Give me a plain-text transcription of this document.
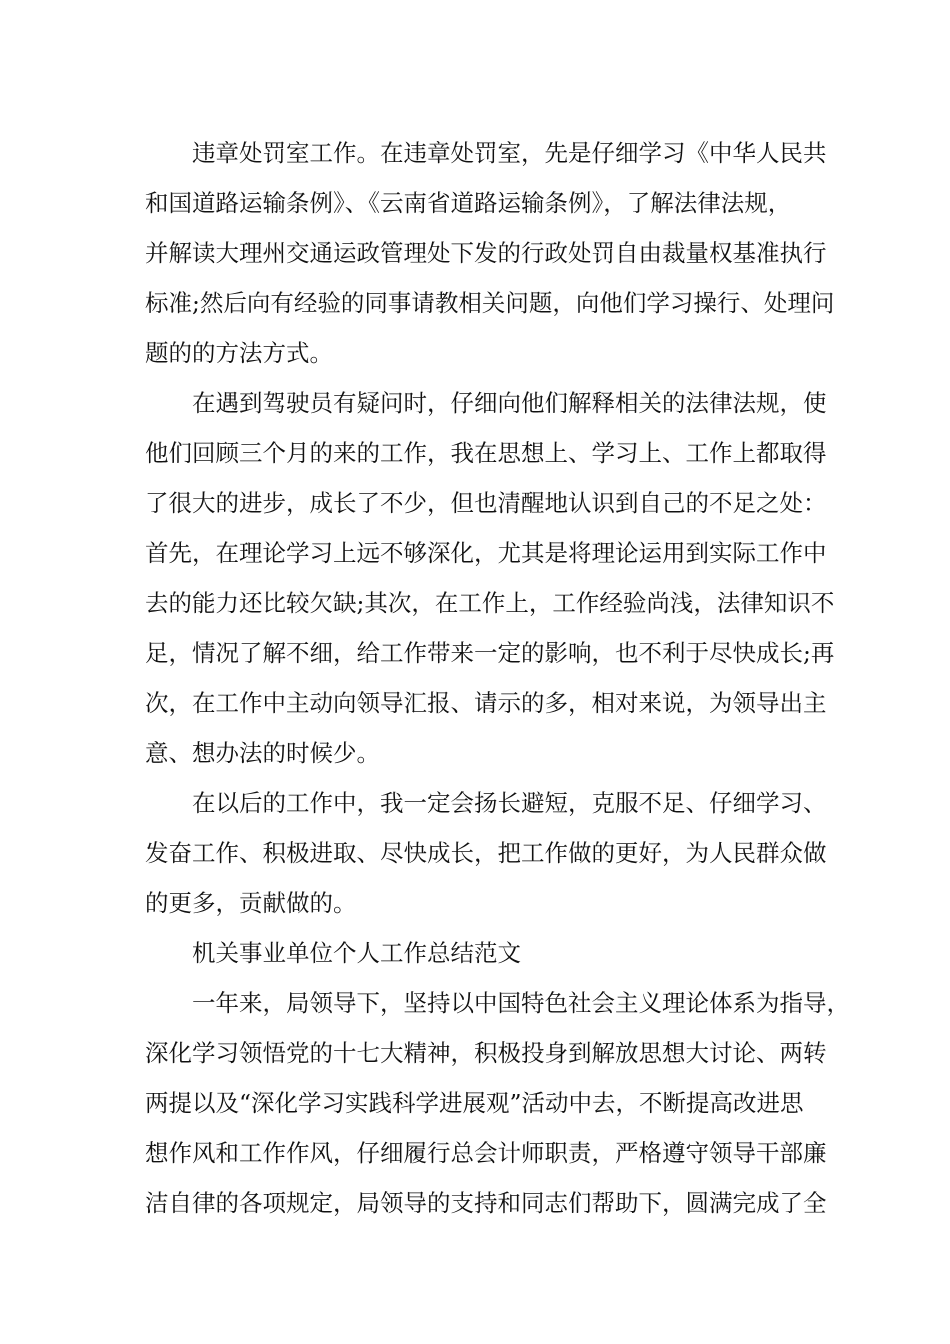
违章处罚室工作。在违章处罚室，先是仔细学习《中华人民共
和国道路运输条例》、《云南省道路运输条例》，了解法律法规，
并解读大理州交通运政管理处下发的行政处罚自由裁量权基准执行
标准;然后向有经验的同事请教相关问题，向他们学习操行、处理问
题的的方法方式。
在遇到驾驶员有疑问时，仔细向他们解释相关的法律法规，使
他们回顾三个月的来的工作，我在思想上、学习上、工作上都取得
了很大的进步，成长了不少，但也清醒地认识到自己的不足之处：
首先，在理论学习上远不够深化，尤其是将理论运用到实际工作中
去的能力还比较欠缺;其次，在工作上，工作经验尚浅，法律知识不
足，情况了解不细，给工作带来一定的影响，也不利于尽快成长;再
次，在工作中主动向领导汇报、请示的多，相对来说，为领导出主
意、想办法的时候少。
在以后的工作中，我一定会扬长避短，克服不足、仔细学习、
发奋工作、积极进取、尽快成长，把工作做的更好，为人民群众做
的更多，贡献做的。
机关事业单位个人工作总结范文
一年来，局领导下，坚持以中国特色社会主义理论体系为指导，
深化学习领悟党的十七大精神，积极投身到解放思想大讨论、两转
两提以及“深化学习实践科学进展观”活动中去，不断提高改进思
想作风和工作作风，仔细履行总会计师职责，严格遵守领导干部廉
洁自律的各项规定，局领导的支持和同志们帮助下，圆满完成了全
